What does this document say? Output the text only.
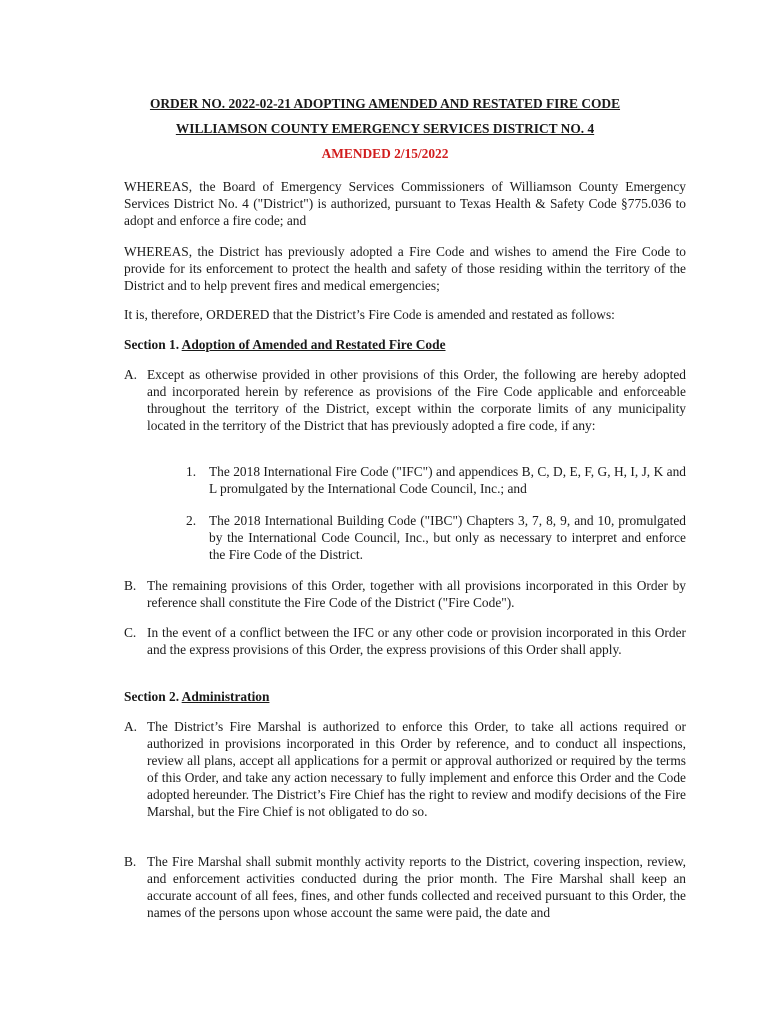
ORDER NO. 2022-02-21 ADOPTING AMENDED AND RESTATED FIRE CODE
WILLIAMSON COUNTY EMERGENCY SERVICES DISTRICT NO. 4
AMENDED 2/15/2022
WHEREAS, the Board of Emergency Services Commissioners of Williamson County Emergency Services District No. 4 ("District") is authorized, pursuant to Texas Health & Safety Code §775.036 to adopt and enforce a fire code; and
WHEREAS, the District has previously adopted a Fire Code and wishes to amend the Fire Code to provide for its enforcement to protect the health and safety of those residing within the territory of the District and to help prevent fires and medical emergencies;
It is, therefore, ORDERED that the District’s Fire Code is amended and restated as follows:
Section 1. Adoption of Amended and Restated Fire Code
A. Except as otherwise provided in other provisions of this Order, the following are hereby adopted and incorporated herein by reference as provisions of the Fire Code applicable and enforceable throughout the territory of the District, except within the corporate limits of any municipality located in the territory of the District that has previously adopted a fire code, if any:
1. The 2018 International Fire Code ("IFC") and appendices B, C, D, E, F, G, H, I, J, K and L promulgated by the International Code Council, Inc.; and
2. The 2018 International Building Code ("IBC") Chapters 3, 7, 8, 9, and 10, promulgated by the International Code Council, Inc., but only as necessary to interpret and enforce the Fire Code of the District.
B. The remaining provisions of this Order, together with all provisions incorporated in this Order by reference shall constitute the Fire Code of the District ("Fire Code").
C. In the event of a conflict between the IFC or any other code or provision incorporated in this Order and the express provisions of this Order, the express provisions of this Order shall apply.
Section 2. Administration
A. The District’s Fire Marshal is authorized to enforce this Order, to take all actions required or authorized in provisions incorporated in this Order by reference, and to conduct all inspections, review all plans, accept all applications for a permit or approval authorized or required by the terms of this Order, and take any action necessary to fully implement and enforce this Order and the Code adopted hereunder. The District’s Fire Chief has the right to review and modify decisions of the Fire Marshal, but the Fire Chief is not obligated to do so.
B. The Fire Marshal shall submit monthly activity reports to the District, covering inspection, review, and enforcement activities conducted during the prior month. The Fire Marshal shall keep an accurate account of all fees, fines, and other funds collected and received pursuant to this Order, the names of the persons upon whose account the same were paid, the date and
